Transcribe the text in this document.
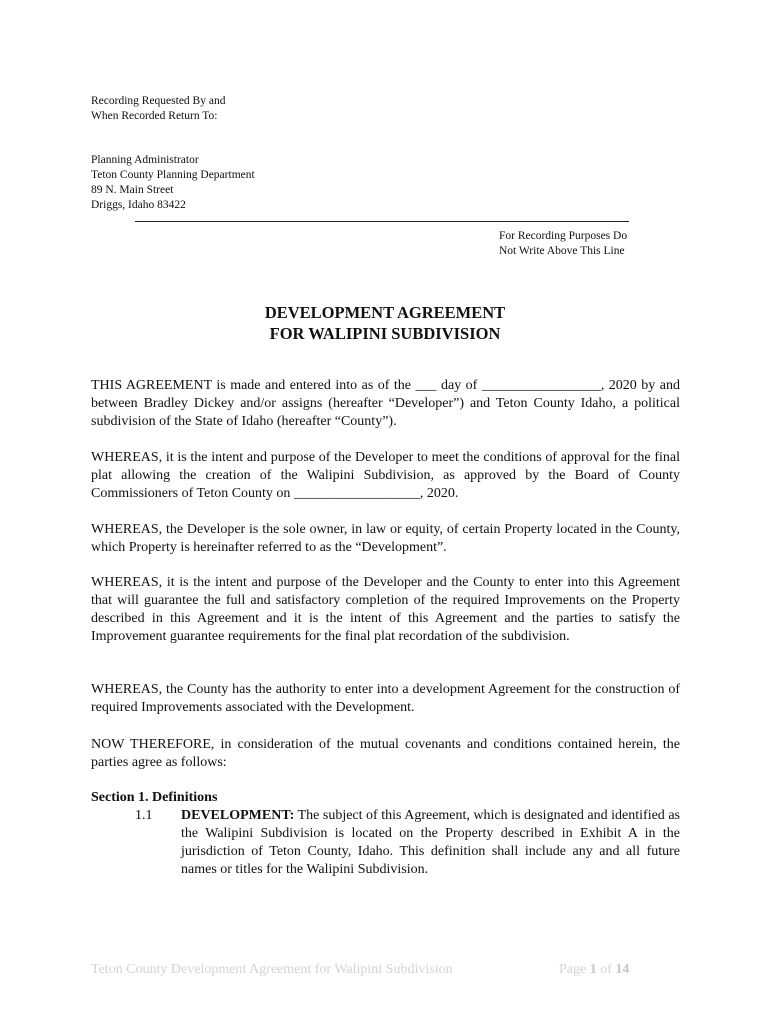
Recording Requested By and
When Recorded Return To:
Planning Administrator
Teton County Planning Department
89 N. Main Street
Driggs, Idaho 83422
For Recording Purposes Do
Not Write Above This Line
DEVELOPMENT AGREEMENT
FOR WALIPINI SUBDIVISION
THIS AGREEMENT is made and entered into as of the ___ day of _________________, 2020 by and between Bradley Dickey and/or assigns (hereafter “Developer”) and Teton County Idaho, a political subdivision of the State of Idaho (hereafter “County”).
WHEREAS, it is the intent and purpose of the Developer to meet the conditions of approval for the final plat allowing the creation of the Walipini Subdivision, as approved by the Board of County Commissioners of Teton County on __________________, 2020.
WHEREAS, the Developer is the sole owner, in law or equity, of certain Property located in the County, which Property is hereinafter referred to as the “Development”.
WHEREAS, it is the intent and purpose of the Developer and the County to enter into this Agreement that will guarantee the full and satisfactory completion of the required Improvements on the Property described in this Agreement and it is the intent of this Agreement and the parties to satisfy the Improvement guarantee requirements for the final plat recordation of the subdivision.
WHEREAS, the County has the authority to enter into a development Agreement for the construction of required Improvements associated with the Development.
NOW THEREFORE, in consideration of the mutual covenants and conditions contained herein, the parties agree as follows:
Section 1. Definitions
1.1 DEVELOPMENT: The subject of this Agreement, which is designated and identified as the Walipini Subdivision is located on the Property described in Exhibit A in the jurisdiction of Teton County, Idaho. This definition shall include any and all future names or titles for the Walipini Subdivision.
Teton County Development Agreement for Walipini Subdivision	Page 1 of 14
